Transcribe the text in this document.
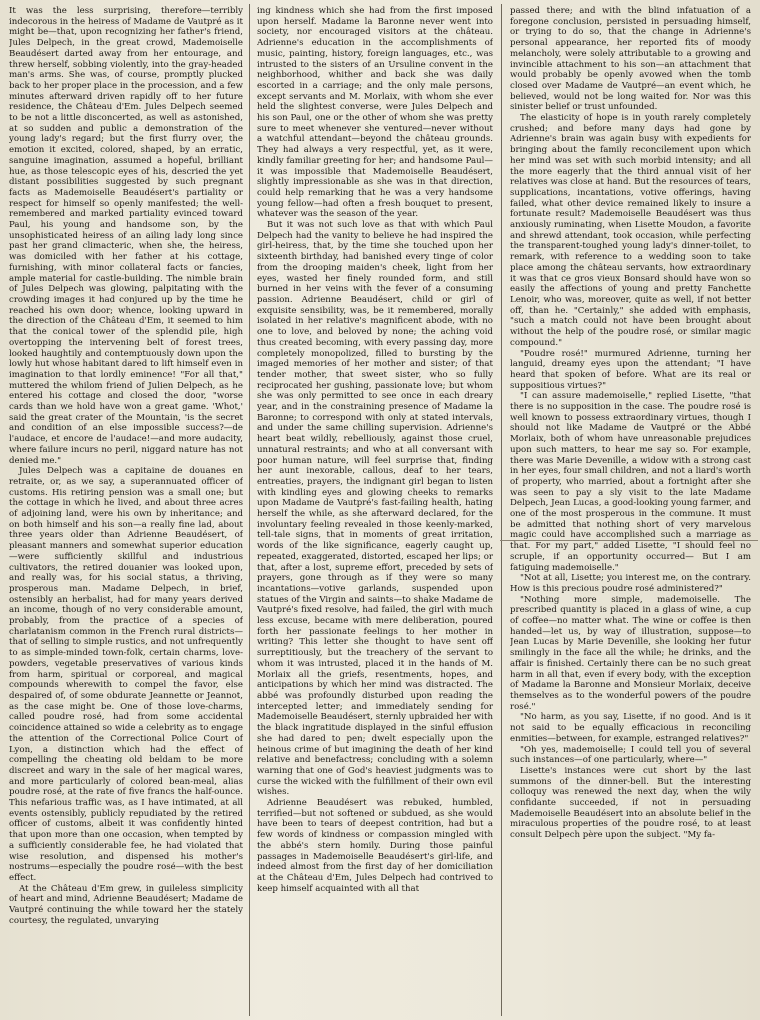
It was the less surprising, therefore—terribly indecorous in the heiress of Madame de Vautpré as it might be—that, upon recognizing her father's friend, Jules Delpech, in the great crowd, Mademoiselle Beaudésert darted away from her entourage, and threw herself, sobbing violently, into the gray-headed man's arms. She was, of course, promptly plucked back to her proper place in the procession, and a few minutes afterward driven rapidly off to her future residence, the Château d'Em. Jules Delpech seemed to be not a little disconcerted, as well as astonished, at so sudden and public a demonstration of the young lady's regard; but the first flurry over, the emotion it excited, colored, shaped, by an erratic, sanguine imagination, assumed a hopeful, brilliant hue, as those telescopic eyes of his, descried the yet distant possibilities suggested by such pregnant facts as Mademoiselle Beaudésert's partiality or respect for himself so openly manifested; the well-remembered and marked partiality evinced toward Paul, his young and handsome son, by the unsophisticated heiress of an ailing lady long since past her grand climacteric, when she, the heiress, was domiciled with her father at his cottage, furnishing, with minor collateral facts or fancies, ample material for castle-building. The nimble brain of Jules Delpech was glowing, palpitating with the crowding images it had conjured up by the time he reached his own door; whence, looking upward in the direction of the Château d'Em, it seemed to him that the conical tower of the splendid pile, high overtopping the intervening belt of forest trees, looked haughtily and contemptuously down upon the lowly hut whose habitant dared to lift himself even in imagination to that lordly eminence! "For all that," muttered the whilom friend of Julien Delpech, as he entered his cottage and closed the door, "worse cards than we hold have won a great game. 'Whot,' said the great crater of the Mountain, 'is the secret and condition of an else impossible success?—de l'audace, et encore de l'audace!—and more audacity, where failure incurs no peril, niggard nature has not denied me."

Jules Delpech was a capitaine de douanes en retraite, or, as we say, a superannuated officer of customs. His retiring pension was a small one; but the cottage in which he lived, and about three acres of adjoining land, were his own by inheritance; and on both himself and his son—a really fine lad, about three years older than Adrienne Beaudésert, of pleasant manners and somewhat superior education—were sufficiently skillful and industrious cultivators, the retired douanier was looked upon, and really was, for his social status, a thriving, prosperous man. Madame Delpech, in brief, ostensibly an herbalist, had for many years derived an income, though of no very considerable amount, probably, from the practice of a species of charlatanism common in the French rural districts—that of selling to simple rustics, and not unfrequently to as simple-minded town-folk, certain charms, love-powders, vegetable preservatives of various kinds from harm, spiritual or corporeal, and magical compounds wherewith to compel the favor, else despaired of, of some obdurate Jeannette or Jeannot, as the case might be. One of those love-charms, called poudre rosé, had from some accidental coincidence attained so wide a celebrity as to engage the attention of the Correctional Police Court of Lyon, a distinction which had the effect of compelling the cheating old beldam to be more discreet and wary in the sale of her magical wares, and more particularly of colored bean-meal, alias poudre rosé, at the rate of five francs the half-ounce. This nefarious traffic was, as I have intimated, at all events ostensibly, publicly repudiated by the retired officer of customs, albeit it was confidently hinted that upon more than one occasion, when tempted by a sufficiently considerable fee, he had violated that wise resolution, and dispensed his mother's nostrums—especially the poudre rosé—with the best effect.

At the Château d'Em grew, in guileless simplicity of heart and mind, Adrienne Beaudésert; Madame de Vautpré continuing the while toward her the stately courtesy, the regulated, unvarying

ing kindness which she had from the first imposed upon herself. Madame la Baronne never went into society, nor encouraged visitors at the château. Adrienne's education in the accomplishments of music, painting, history, foreign languages, etc., was intrusted to the sisters of an Ursuline convent in the neighborhood, whither and back she was daily escorted in a carriage; and the only male persons, except servants and M. Morlaix, with whom she ever held the slightest converse, were Jules Delpech and his son Paul, one or the other of whom she was pretty sure to meet whenever she ventured—never without a watchful attendant—beyond the château grounds. They had always a very respectful, yet, as it were, kindly familiar greeting for her; and handsome Paul—it was impossible that Mademoiselle Beaudésert, slightly impressionable as she was in that direction, could help remarking that he was a very handsome young fellow—had often a fresh bouquet to present, whatever was the season of the year.

But it was not such love as that with which Paul Delpech had the vanity to believe he had inspired the girl-heiress, that, by the time she touched upon her sixteenth birthday, had banished every tinge of color from the drooping maiden's cheek, light from her eyes, wasted her finely rounded form, and still burned in her veins with the fever of a consuming passion. Adrienne Beaudésert, child or girl of exquisite sensibility, was, be it remembered, morally isolated in her relative's magnificent abode, with no one to love, and beloved by none; the aching void thus created becoming, with every passing day, more completely monopolized, filled to bursting by the imaged memories of her mother and sister; of that tender mother, that sweet sister, who so fully reciprocated her gushing, passionate love; but whom she was only permitted to see once in each dreary year, and in the constraining presence of Madame la Baronne; to correspond with only at stated intervals, and under the same chilling supervision. Adrienne's heart beat wildly, rebelliously, against those cruel, unnatural restraints; and who at all conversant with poor human nature, will feel surprise that, finding her aunt inexorable, callous, deaf to her tears, entreaties, prayers, the indignant girl began to listen with kindling eyes and glowing cheeks to remarks upon Madame de Vautpré's fast-failing health, hating herself the while, as she afterward declared, for the involuntary feeling revealed in those keenly-marked, tell-tale signs, that in moments of great irritation, words of the like significance, eagerly caught up, repeated, exaggerated, distorted, escaped her lips; or that, after a lost, supreme effort, preceded by sets of prayers, gone through as if they were so many incantations—votive garlands, suspended upon statues of the Virgin and saints—to shake Madame de Vautpré's fixed resolve, had failed, the girl with much less excuse, became with mere deliberation, poured forth her passionate feelings to her mother in writing? This letter she thought to have sent off surreptitiously, but the treachery of the servant to whom it was intrusted, placed it in the hands of M. Morlaix all the griefs, resentments, hopes, and anticipations by which her mind was distracted. The abbé was profoundly disturbed upon reading the intercepted letter; and immediately sending for Mademoiselle Beaudésert, sternly upbraided her with the black ingratitude displayed in the sinful effusion she had dared to pen; dwelt especially upon the heinous crime of but imagining the death of her kind relative and benefactress; concluding with a solemn warning that one of God's heaviest judgments was to curse the wicked with the fulfillment of their own evil wishes.

Adrienne Beaudésert was rebuked, humbled, terrified—but not softened or subdued, as she would have been to tears of deepest contrition, had but a few words of kindness or compassion mingled with the abbé's stern homily. During those painful passages in Mademoiselle Beaudésert's girl-life, and indeed almost from the first day of her domiciliation at the Château d'Em, Jules Delpech had contrived to keep himself acquainted with all that

passed there; and with the blind infatuation of a foregone conclusion, persisted in persuading himself, or trying to do so, that the change in Adrienne's personal appearance, her reported fits of moody melancholy, were solely attributable to a growing and invincible attachment to his son—an attachment that would probably be openly avowed when the tomb closed over Madame de Vautpré—an event which, he believed, would not be long waited for. Nor was this sinister belief or trust unfounded.

The elasticity of hope is in youth rarely completely crushed; and before many days had gone by Adrienne's brain was again busy with expedients for bringing about the family reconcilement upon which her mind was set with such morbid intensity; and all the more eagerly that the third annual visit of her relatives was close at hand. But the resources of tears, supplications, incantations, votive offerings, having failed, what other device remained likely to insure a fortunate result? Mademoiselle Beaudésert was thus anxiously ruminating, when Lisette Moudon, a favorite and shrewd attendant, took occasion, while perfecting the transparent-toughed young lady's dinner-toilet, to remark, with reference to a wedding soon to take place among the château servants, how extraordinary it was that ce gros vieux Bonsard should have won so easily the affections of young and pretty Fanchette Lenoir, who was, moreover, quite as well, if not better off, than he. "Certainly," she added with emphasis, "such a match could not have been brought about without the help of the poudre rosé, or similar magic compound."

"Poudre rosé!" murmured Adrienne, turning her languid, dreamy eyes upon the attendant; "I have heard that spoken of before. What are its real or suppositious virtues?"

"I can assure mademoiselle," replied Lisette, "that there is no supposition in the case. The poudre rosé is well known to possess extraordinary virtues, though I should not like Madame de Vautpré or the Abbé Morlaix, both of whom have unreasonable prejudices upon such matters, to hear me say so. For example, there was Marie Devenille, a widow with a strong cast in her eyes, four small children, and not a liard's worth of property, who married, about a fortnight after she was seen to pay a sly visit to the late Madame Delpech, Jean Lucas, a good-looking young farmer, and one of the most prosperous in the commune. It must be admitted that nothing short of very marvelous magic could have accomplished such a marriage as that. For my part," added Lisette, "I should feel no scruple, if an opportunity occurred— But I am fatiguing mademoiselle."

"Not at all, Lisette; you interest me, on the contrary. How is this precious poudre rosé administered?"

"Nothing more simple, mademoiselle. The prescribed quantity is placed in a glass of wine, a cup of coffee—no matter what. The wine or coffee is then handed—let us, by way of illustration, suppose—to Jean Lucas by Marie Devenille, she looking her futur smilingly in the face all the while; he drinks, and the affair is finished. Certainly there can be no such great harm in all that, even if every body, with the exception of Madame la Baronne and Monsieur Morlaix, deceive themselves as to the wonderful powers of the poudre rosé."

"No harm, as you say, Lisette, if no good. And is it not said to be equally efficacious in reconciling enmities—between, for example, estranged relatives?"

"Oh yes, mademoiselle; I could tell you of several such instances—of one particularly, where—"

Lisette's instances were cut short by the last summons of the dinner-bell. But the interesting colloquy was renewed the next day, when the wily confidante succeeded, if not in persuading Mademoiselle Beaudésert into an absolute belief in the miraculous properties of the poudre rosé, to at least consult Delpech père upon the subject. "My fa-
